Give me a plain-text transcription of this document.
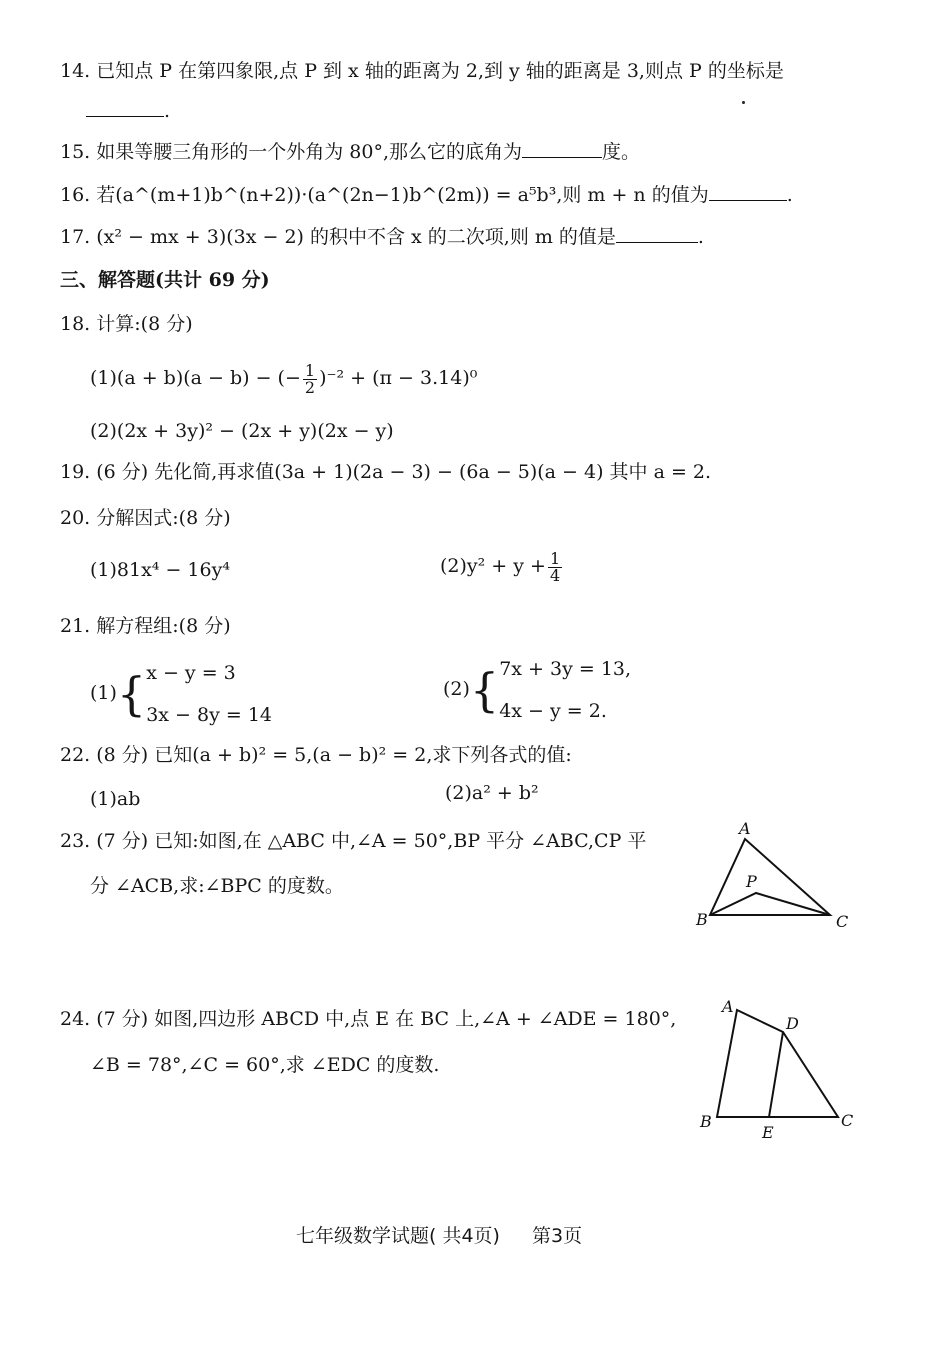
14. 已知点 P 在第四象限,点 P 到 x 轴的距离为 2,到 y 轴的距离是 3,则点 P 的坐标是
.
15. 如果等腰三角形的一个外角为 80°,那么它的底角为	度。
16. 若(a^(m+1)b^(n+2))·(a^(2n−1)b^(2m)) = a⁵b³,则 m + n 的值为	.
17. (x² − mx + 3)(3x − 2) 的积中不含 x 的二次项,则 m 的值是	.
三、解答题(共计 69 分)
18. 计算:(8 分)
(1)(a + b)(a − b) − (− $\frac{1}{2} )^{-2} + (\pi - 3.14)^0$
(2)(2x + 3y)² − (2x + y)(2x − y)
19. (6 分) 先化简,再求值(3a + 1)(2a − 3) − (6a − 5)(a − 4) 其中 a = 2.
20. 分解因式:(8 分)
(1)81x⁴ − 16y⁴	$(2)y^2 + y + \frac{1}{4}$
21. 解方程组:(8 分)
(1){ x − y = 3
3x − 8y = 14
(2){ 7x + 3y = 13,
4x − y = 2.
22. (8 分) 已知(a + b)² = 5,(a − b)² = 2,求下列各式的值:
(1)ab	(2)a² + b²
23. (7 分) 已知:如图,在 △ABC 中,∠A = 50°,BP 平分 ∠ABC,CP 平
分 ∠ACB,求:∠BPC 的度数。
A
B	C
P
24. (7 分) 如图,四边形 ABCD 中,点 E 在 BC 上,∠A + ∠ADE = 180°,
∠B = 78°,∠C = 60°,求 ∠EDC 的度数.
A
D
B	C
E
七年级数学试题( 共4页) 第3页
